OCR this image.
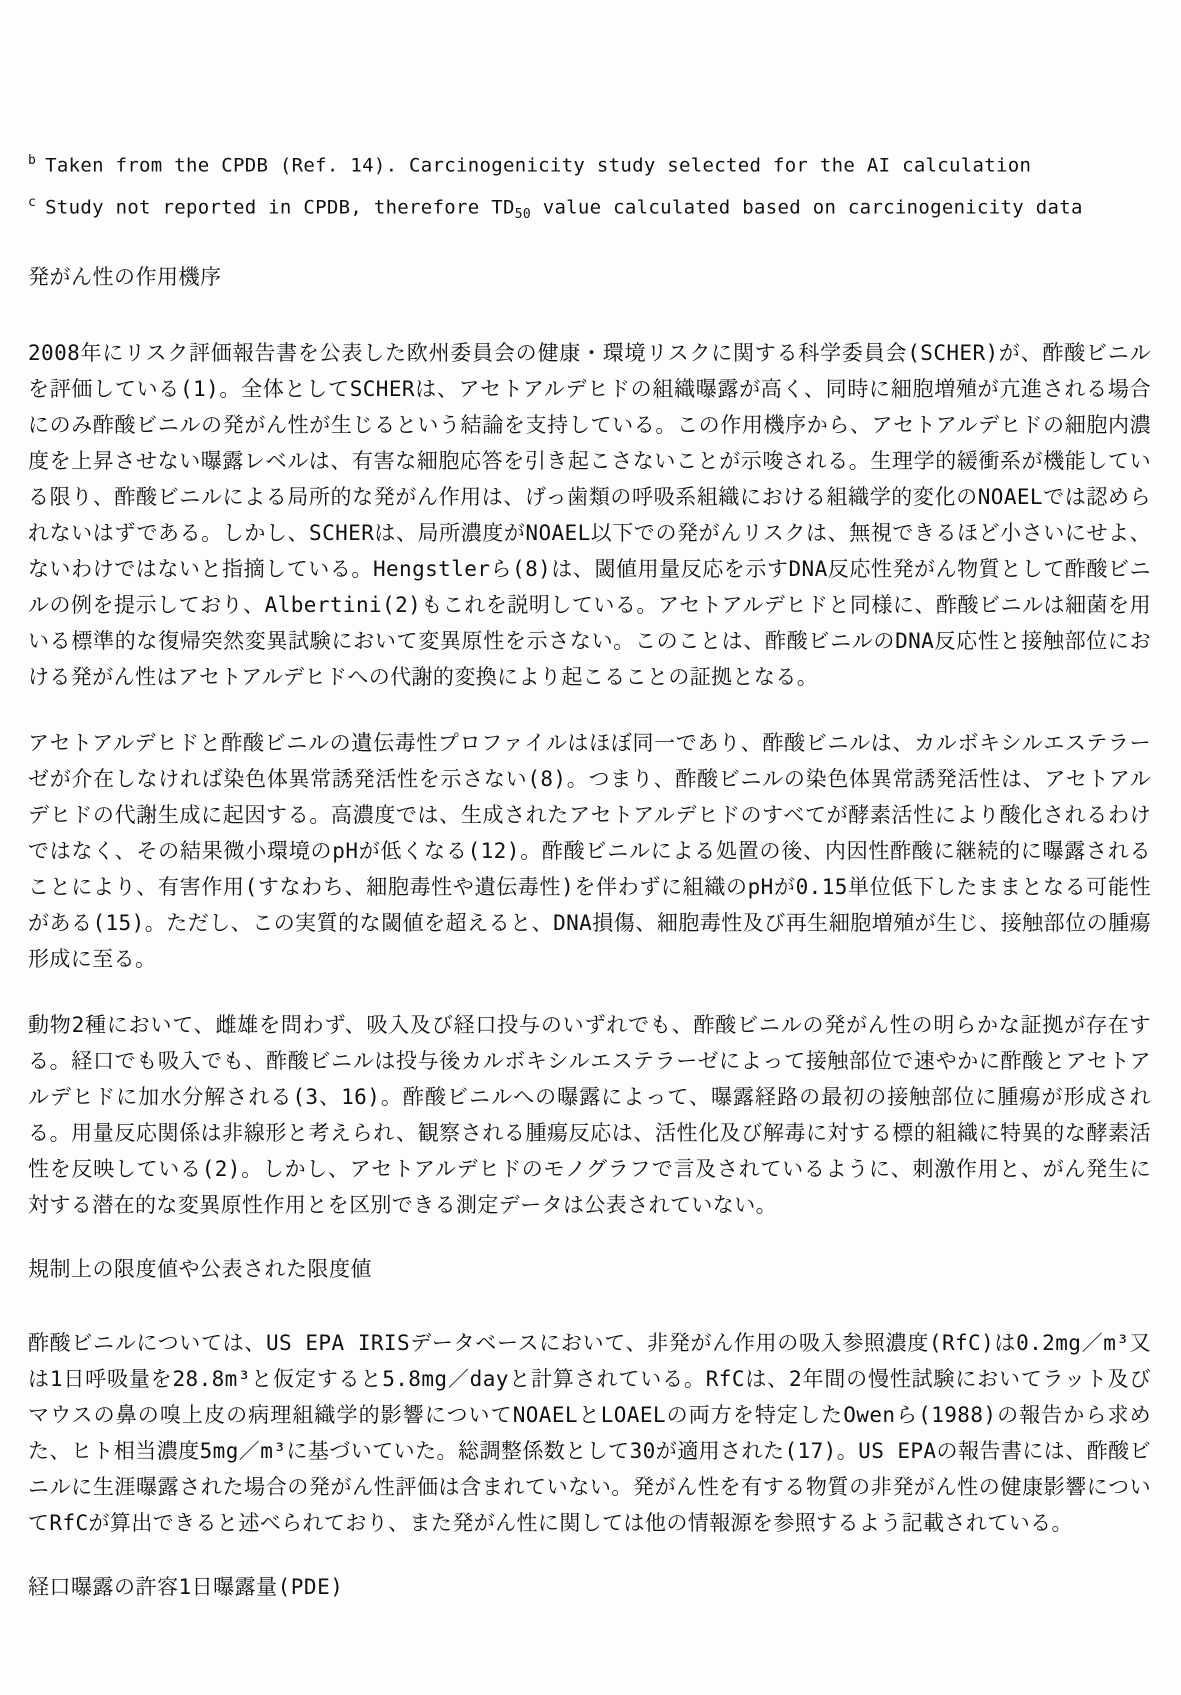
$^b$ Taken from the CPDB (Ref. 14). Carcinogenicity study selected for the AI calculation
$^c$ Study not reported in CPDB, therefore $TD_{50}$ value calculated based on carcinogenicity data
発がん性の作用機序

2008年にリスク評価報告書を公表した欧州委員会の健康・環境リスクに関する科学委員会(SCHER)が、酢酸ビニルを評価している(1)。全体としてSCHERは、アセトアルデヒドの組織曝露が高く、同時に細胞増殖が亢進される場合にのみ酢酸ビニルの発がん性が生じるという結論を支持している。この作用機序から、アセトアルデヒドの細胞内濃度を上昇させない曝露レベルは、有害な細胞応答を引き起こさないことが示唆される。生理学的緩衝系が機能している限り、酢酸ビニルによる局所的な発がん作用は、げっ歯類の呼吸系組織における組織学的変化のNOAELでは認められないはずである。しかし、SCHERは、局所濃度がNOAEL以下での発がんリスクは、無視できるほど小さいにせよ、ないわけではないと指摘している。Hengstlerら(8)は、閾値用量反応を示すDNA反応性発がん物質として酢酸ビニルの例を提示しており、Albertini(2)もこれを説明している。アセトアルデヒドと同様に、酢酸ビニルは細菌を用いる標準的な復帰突然変異試験において変異原性を示さない。このことは、酢酸ビニルのDNA反応性と接触部位における発がん性はアセトアルデヒドへの代謝的変換により起こることの証拠となる。

アセトアルデヒドと酢酸ビニルの遺伝毒性プロファイルはほぼ同一であり、酢酸ビニルは、カルボキシルエステラーゼが介在しなければ染色体異常誘発活性を示さない(8)。つまり、酢酸ビニルの染色体異常誘発活性は、アセトアルデヒドの代謝生成に起因する。高濃度では、生成されたアセトアルデヒドのすべてが酵素活性により酸化されるわけではなく、その結果微小環境のpHが低くなる(12)。酢酸ビニルによる処置の後、内因性酢酸に継続的に曝露されることにより、有害作用(すなわち、細胞毒性や遺伝毒性)を伴わずに組織のpHが0.15単位低下したままとなる可能性がある(15)。ただし、この実質的な閾値を超えると、DNA損傷、細胞毒性及び再生細胞増殖が生じ、接触部位の腫瘍形成に至る。

動物2種において、雌雄を問わず、吸入及び経口投与のいずれでも、酢酸ビニルの発がん性の明らかな証拠が存在する。経口でも吸入でも、酢酸ビニルは投与後カルボキシルエステラーゼによって接触部位で速やかに酢酸とアセトアルデヒドに加水分解される(3、16)。酢酸ビニルへの曝露によって、曝露経路の最初の接触部位に腫瘍が形成される。用量反応関係は非線形と考えられ、観察される腫瘍反応は、活性化及び解毒に対する標的組織に特異的な酵素活性を反映している(2)。しかし、アセトアルデヒドのモノグラフで言及されているように、刺激作用と、がん発生に対する潜在的な変異原性作用とを区別できる測定データは公表されていない。

規制上の限度値や公表された限度値

酢酸ビニルについては、US EPA IRISデータベースにおいて、非発がん作用の吸入参照濃度(RfC)は0.2mg／m³又は1日呼吸量を28.8m³と仮定すると5.8mg／dayと計算されている。RfCは、2年間の慢性試験においてラット及びマウスの鼻の嗅上皮の病理組織学的影響についてNOAELとLOAELの両方を特定したOwenら(1988)の報告から求めた、ヒト相当濃度5mg／m³に基づいていた。総調整係数として30が適用された(17)。US EPAの報告書には、酢酸ビニルに生涯曝露された場合の発がん性評価は含まれていない。発がん性を有する物質の非発がん性の健康影響についてRfCが算出できると述べられており、また発がん性に関しては他の情報源を参照するよう記載されている。

経口曝露の許容1日曝露量(PDE)
